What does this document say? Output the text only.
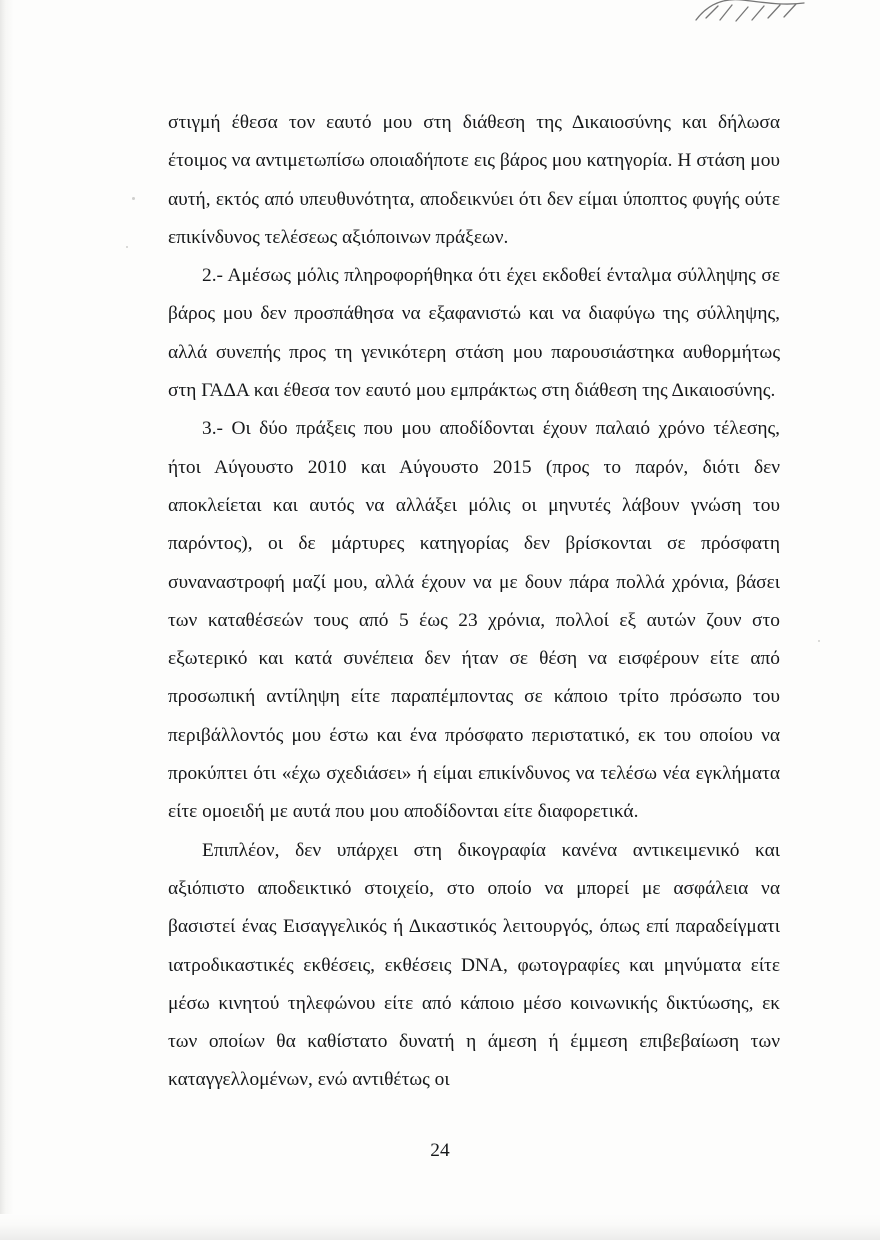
στιγμή έθεσα τον εαυτό μου στη διάθεση της Δικαιοσύνης και δήλωσα έτοιμος να αντιμετωπίσω οποιαδήποτε εις βάρος μου κατηγορία. Η στάση μου αυτή, εκτός από υπευθυνότητα, αποδεικνύει ότι δεν είμαι ύποπτος φυγής ούτε επικίνδυνος τελέσεως αξιόποινων πράξεων.

2.- Αμέσως μόλις πληροφορήθηκα ότι έχει εκδοθεί ένταλμα σύλληψης σε βάρος μου δεν προσπάθησα να εξαφανιστώ και να διαφύγω της σύλληψης, αλλά συνεπής προς τη γενικότερη στάση μου παρουσιάστηκα αυθορμήτως στη ΓΑΔΑ και έθεσα τον εαυτό μου εμπράκτως στη διάθεση της Δικαιοσύνης.

3.- Οι δύο πράξεις που μου αποδίδονται έχουν παλαιό χρόνο τέλεσης, ήτοι Αύγουστο 2010 και Αύγουστο 2015 (προς το παρόν, διότι δεν αποκλείεται και αυτός να αλλάξει μόλις οι μηνυτές λάβουν γνώση του παρόντος), οι δε μάρτυρες κατηγορίας δεν βρίσκονται σε πρόσφατη συναναστροφή μαζί μου, αλλά έχουν να με δουν πάρα πολλά χρόνια, βάσει των καταθέσεών τους από 5 έως 23 χρόνια, πολλοί εξ αυτών ζουν στο εξωτερικό και κατά συνέπεια δεν ήταν σε θέση να εισφέρουν είτε από προσωπική αντίληψη είτε παραπέμποντας σε κάποιο τρίτο πρόσωπο του περιβάλλοντός μου έστω και ένα πρόσφατο περιστατικό, εκ του οποίου να προκύπτει ότι «έχω σχεδιάσει» ή είμαι επικίνδυνος να τελέσω νέα εγκλήματα είτε ομοειδή με αυτά που μου αποδίδονται είτε διαφορετικά.

Επιπλέον, δεν υπάρχει στη δικογραφία κανένα αντικειμενικό και αξιόπιστο αποδεικτικό στοιχείο, στο οποίο να μπορεί με ασφάλεια να βασιστεί ένας Εισαγγελικός ή Δικαστικός λειτουργός, όπως επί παραδείγματι ιατροδικαστικές εκθέσεις, εκθέσεις DNA, φωτογραφίες και μηνύματα είτε μέσω κινητού τηλεφώνου είτε από κάποιο μέσο κοινωνικής δικτύωσης, εκ των οποίων θα καθίστατο δυνατή η άμεση ή έμμεση επιβεβαίωση των καταγγελλομένων, ενώ αντιθέτως οι

24
